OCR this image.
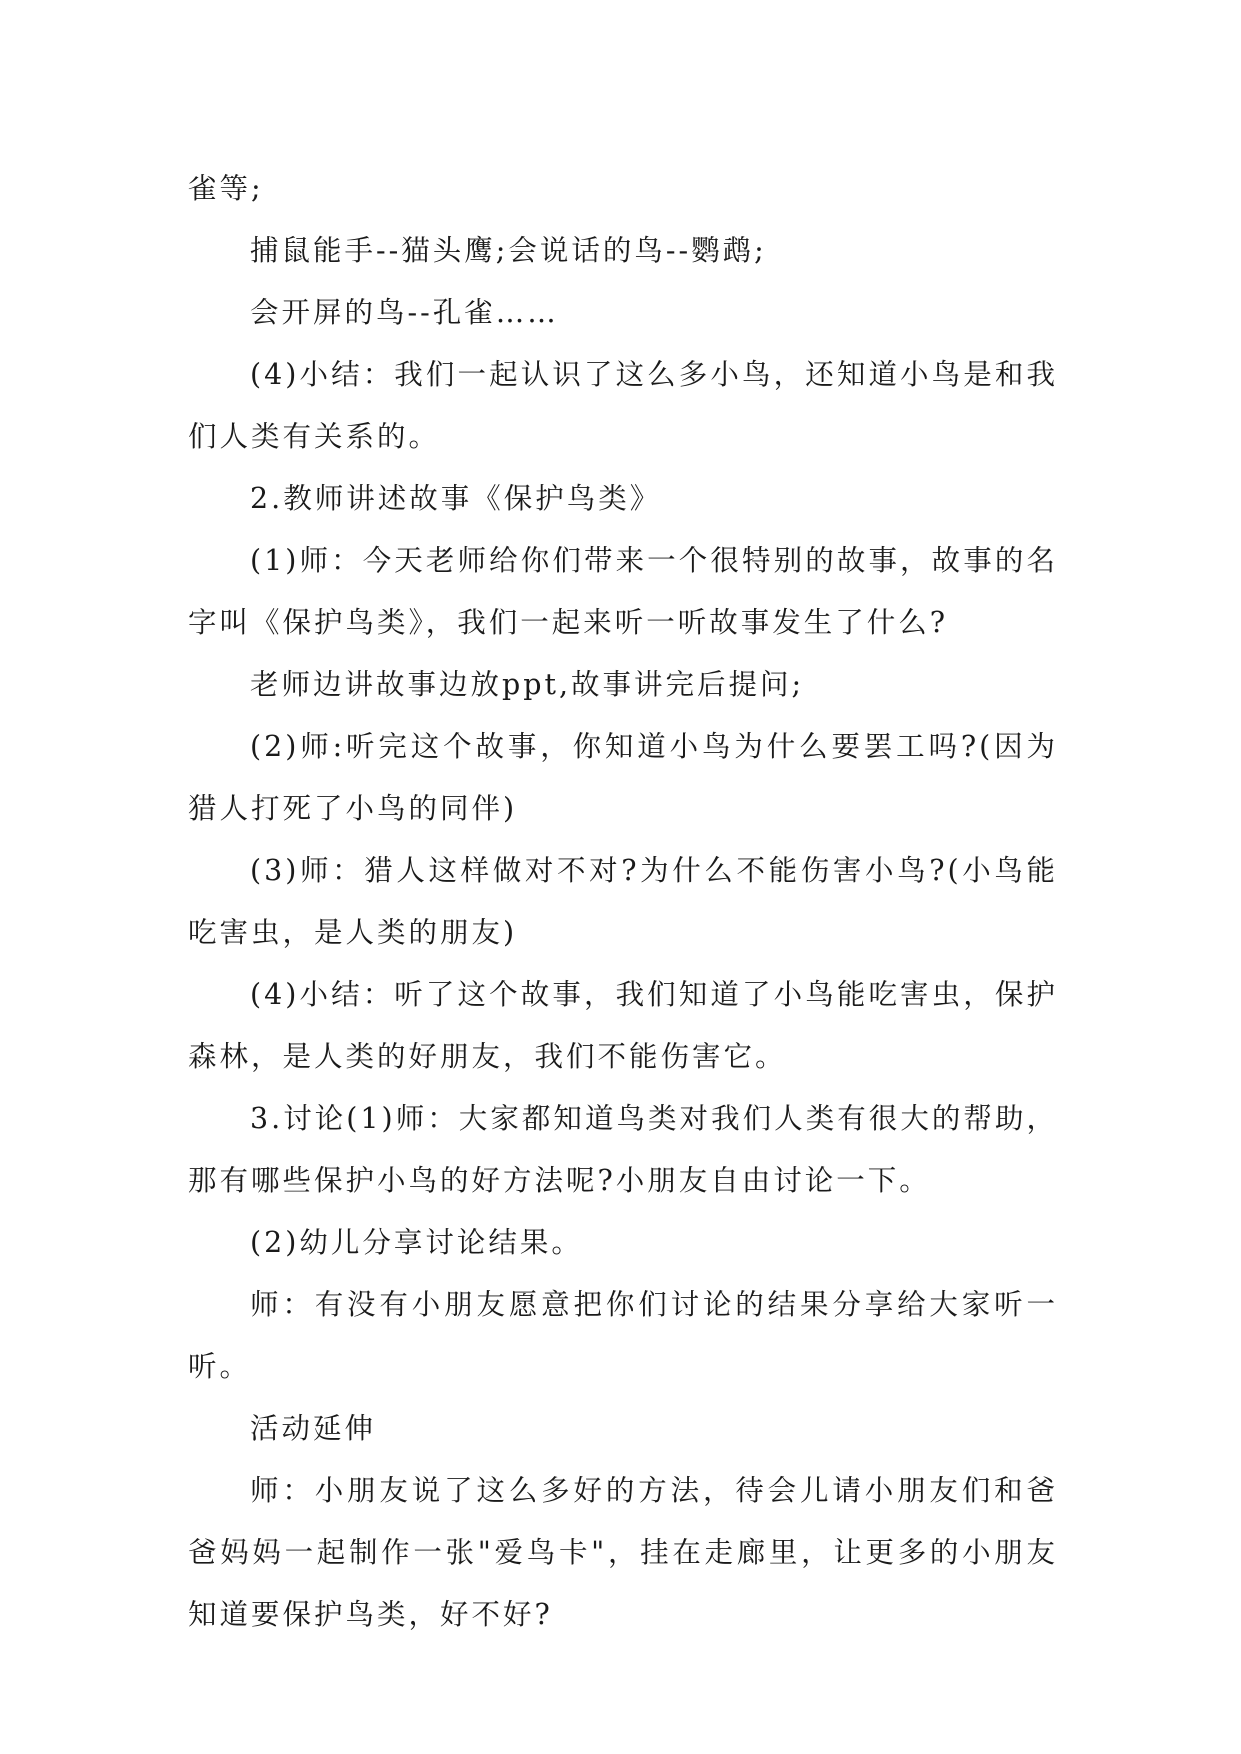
雀等;

捕鼠能手--猫头鹰;会说话的鸟--鹦鹉;

会开屏的鸟--孔雀……

(4)小结：我们一起认识了这么多小鸟，还知道小鸟是和我们人类有关系的。

2.教师讲述故事《保护鸟类》

(1)师：今天老师给你们带来一个很特别的故事，故事的名字叫《保护鸟类》，我们一起来听一听故事发生了什么?

老师边讲故事边放ppt,故事讲完后提问;

(2)师:听完这个故事，你知道小鸟为什么要罢工吗?(因为猎人打死了小鸟的同伴)

(3)师：猎人这样做对不对?为什么不能伤害小鸟?(小鸟能吃害虫，是人类的朋友)

(4)小结：听了这个故事，我们知道了小鸟能吃害虫，保护森林，是人类的好朋友，我们不能伤害它。

3.讨论(1)师：大家都知道鸟类对我们人类有很大的帮助，那有哪些保护小鸟的好方法呢?小朋友自由讨论一下。

(2)幼儿分享讨论结果。

师：有没有小朋友愿意把你们讨论的结果分享给大家听一听。

活动延伸

师：小朋友说了这么多好的方法，待会儿请小朋友们和爸爸妈妈一起制作一张"爱鸟卡"，挂在走廊里，让更多的小朋友知道要保护鸟类，好不好?
